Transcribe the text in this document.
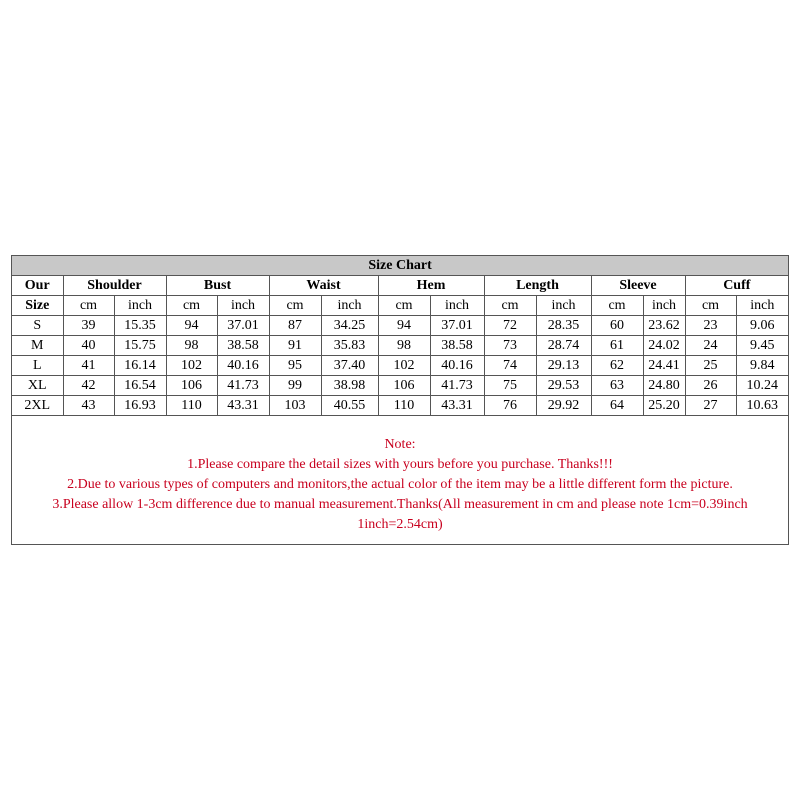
Size Chart														
Our	Shoulder		Bust		Waist		Hem		Length		Sleeve		Cuff	
Size	cm	inch	cm	inch	cm	inch	cm	inch	cm	inch	cm	inch	cm	inch
S	39	15.35	94	37.01	87	34.25	94	37.01	72	28.35	60	23.62	23	9.06
M	40	15.75	98	38.58	91	35.83	98	38.58	73	28.74	61	24.02	24	9.45
L	41	16.14	102	40.16	95	37.40	102	40.16	74	29.13	62	24.41	25	9.84
XL	42	16.54	106	41.73	99	38.98	106	41.73	75	29.53	63	24.80	26	10.24
2XL	43	16.93	110	43.31	103	40.55	110	43.31	76	29.92	64	25.20	27	10.63
Note:
1.Please compare the detail sizes with yours before you purchase. Thanks!!!
2.Due to various types of computers and monitors,the actual color of the item may be a little different form the picture.
3.Please allow 1-3cm difference due to manual measurement.Thanks(All measurement in cm and please note 1cm=0.39inch
1inch=2.54cm)
